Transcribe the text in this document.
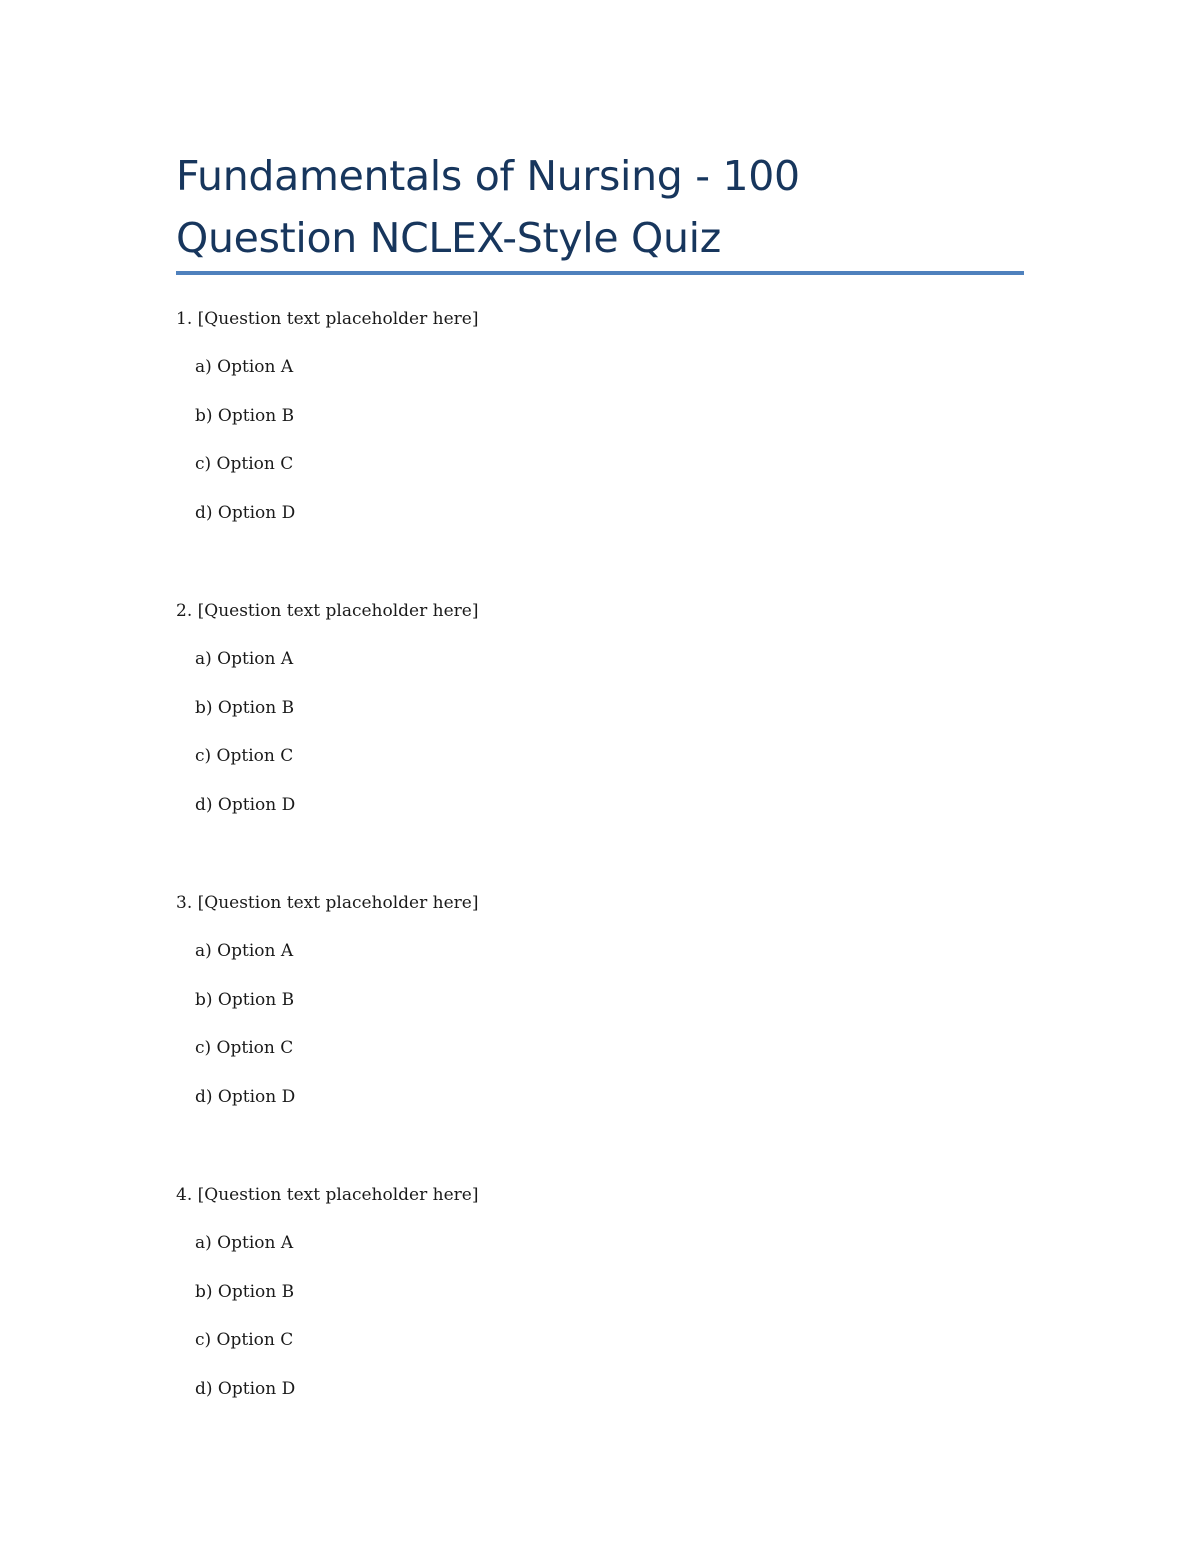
Fundamentals of Nursing - 100
Question NCLEX-Style Quiz
1. [Question text placeholder here]
a) Option A
b) Option B
c) Option C
d) Option D
2. [Question text placeholder here]
a) Option A
b) Option B
c) Option C
d) Option D
3. [Question text placeholder here]
a) Option A
b) Option B
c) Option C
d) Option D
4. [Question text placeholder here]
a) Option A
b) Option B
c) Option C
d) Option D
